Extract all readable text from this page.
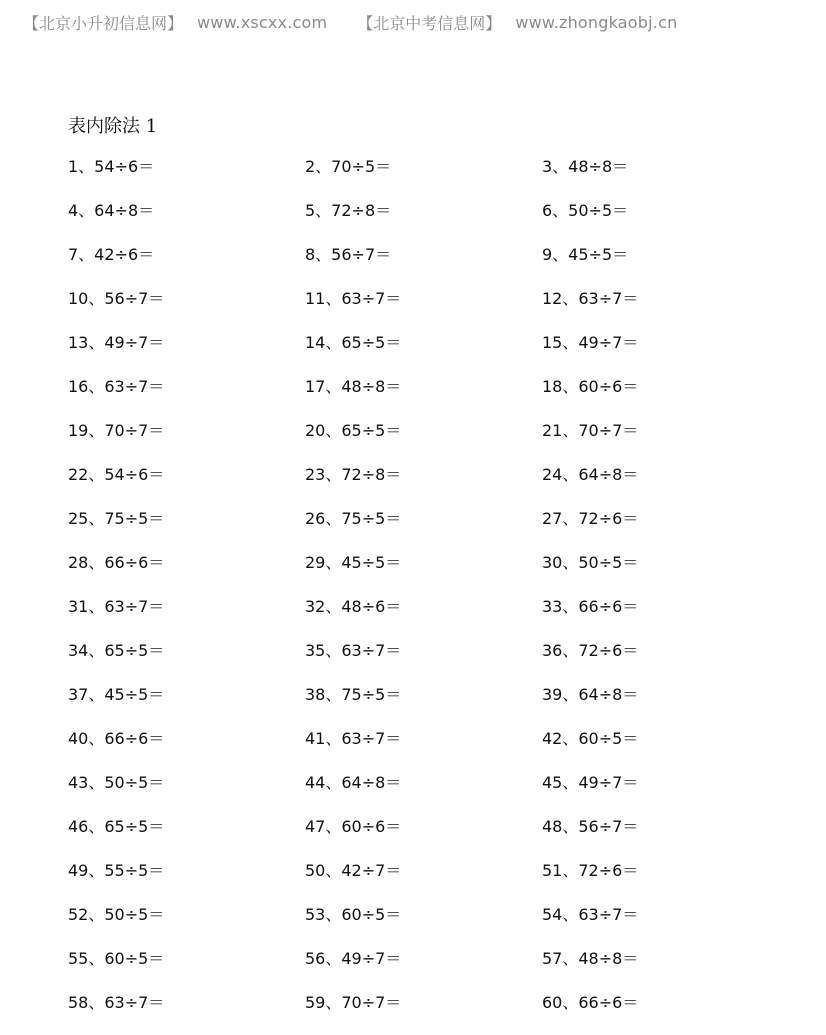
【北京小升初信息网】 www.xscxx.com 【北京中考信息网】 www.zhongkaobj.cn
表内除法 1
1、54÷6＝	2、70÷5＝	3、48÷8＝
4、64÷8＝	5、72÷8＝	6、50÷5＝
7、42÷6＝	8、56÷7＝	9、45÷5＝
10、56÷7＝	11、63÷7＝	12、63÷7＝
13、49÷7＝	14、65÷5＝	15、49÷7＝
16、63÷7＝	17、48÷8＝	18、60÷6＝
19、70÷7＝	20、65÷5＝	21、70÷7＝
22、54÷6＝	23、72÷8＝	24、64÷8＝
25、75÷5＝	26、75÷5＝	27、72÷6＝
28、66÷6＝	29、45÷5＝	30、50÷5＝
31、63÷7＝	32、48÷6＝	33、66÷6＝
34、65÷5＝	35、63÷7＝	36、72÷6＝
37、45÷5＝	38、75÷5＝	39、64÷8＝
40、66÷6＝	41、63÷7＝	42、60÷5＝
43、50÷5＝	44、64÷8＝	45、49÷7＝
46、65÷5＝	47、60÷6＝	48、56÷7＝
49、55÷5＝	50、42÷7＝	51、72÷6＝
52、50÷5＝	53、60÷5＝	54、63÷7＝
55、60÷5＝	56、49÷7＝	57、48÷8＝
58、63÷7＝	59、70÷7＝	60、66÷6＝
